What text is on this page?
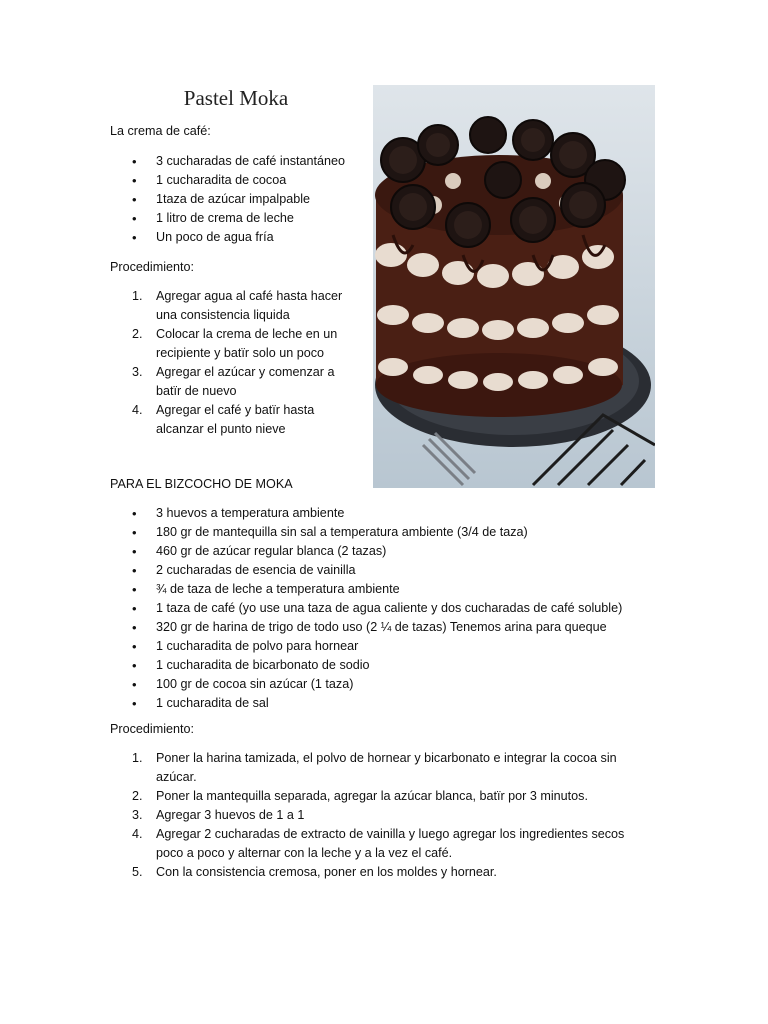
Pastel Moka

La crema de café:

• 3 cucharadas de café instantáneo
• 1 cucharadita de cocoa
• 1taza de azúcar impalpable
• 1 litro de crema de leche
• Un poco de agua fría

Procedimiento:

1. Agregar agua al café hasta hacer una consistencia liquida
2. Colocar la crema de leche en un recipiente y batïr solo un poco
3. Agregar el azúcar y comenzar a batïr de nuevo
4. Agregar el café y batïr hasta alcanzar el punto nieve

PARA EL BIZCOCHO DE MOKA

• 3 huevos a temperatura ambiente
• 180 gr de mantequilla sin sal a temperatura ambiente (3/4 de taza)
• 460 gr de azúcar regular blanca (2 tazas)
• 2 cucharadas de esencia de vainilla
• ¾ de taza de leche a temperatura ambiente
• 1 taza de café (yo use una taza de agua caliente y dos cucharadas de café soluble)
• 320 gr de harina de trigo de todo uso (2 ¼ de tazas) Tenemos arina para queque
• 1 cucharadita de polvo para hornear
• 1 cucharadita de bicarbonato de sodio
• 100 gr de cocoa sin azúcar (1 taza)
• 1 cucharadita de sal

Procedimiento:

1. Poner la harina tamizada, el polvo de hornear y bicarbonato e integrar la cocoa sin azúcar.
2. Poner la mantequilla separada, agregar la azúcar blanca, batïr por 3 minutos.
3. Agregar 3 huevos de 1 a 1
4. Agregar 2 cucharadas de extracto de vainilla y luego agregar los ingredientes secos poco a poco y alternar con la leche y a la vez el café.
5. Con la consistencia cremosa, poner en los moldes y hornear.
